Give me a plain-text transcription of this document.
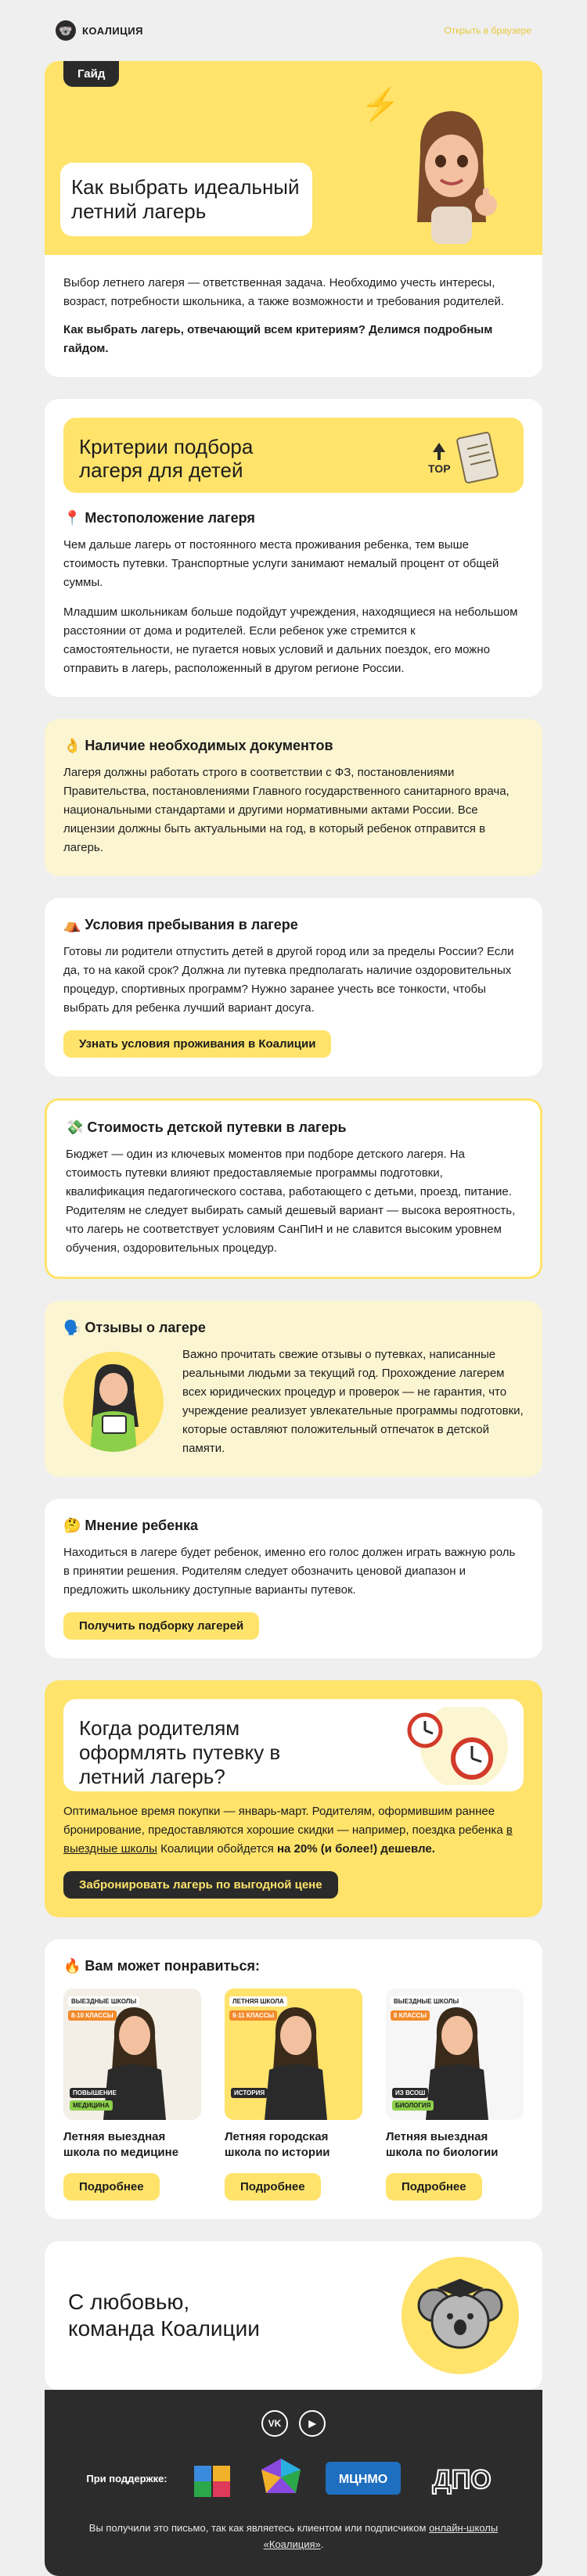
🐨 КОАЛИЦИЯ	Открыть в браузере
Гайд
⚡
Как выбрать идеальный летний лагерь

Выбор летнего лагеря — ответственная задача. Необходимо учесть интересы, возраст, потребности школьника, а также возможности и требования родителей.

Как выбрать лагерь, отвечающий всем критериям? Делимся подробным гайдом.

Критерии подбора лагеря для детей	TOP
📍 Местоположение лагеря

Чем дальше лагерь от постоянного места проживания ребенка, тем выше стоимость путевки. Транспортные услуги занимают немалый процент от общей суммы.

Младшим школьникам больше подойдут учреждения, находящиеся на небольшом расстоянии от дома и родителей. Если ребенок уже стремится к самостоятельности, не пугается новых условий и дальних поездок, его можно отправить в лагерь, расположенный в другом регионе России.

👌 Наличие необходимых документов

Лагеря должны работать строго в соответствии с ФЗ, постановлениями Правительства, постановлениями Главного государственного санитарного врача, национальными стандартами и другими нормативными актами России. Все лицензии должны быть актуальными на год, в который ребенок отправится в лагерь.

⛺ Условия пребывания в лагере

Готовы ли родители отпустить детей в другой город или за пределы России? Если да, то на какой срок? Должна ли путевка предполагать наличие оздоровительных процедур, спортивных программ? Нужно заранее учесть все тонкости, чтобы выбрать для ребенка лучший вариант досуга.

Узнать условия проживания в Коалиции
💸 Стоимость детской путевки в лагерь

Бюджет — один из ключевых моментов при подборе детского лагеря. На стоимость путевки влияют предоставляемые программы подготовки, квалификация педагогического состава, работающего с детьми, проезд, питание. Родителям не следует выбирать самый дешевый вариант — высока вероятность, что лагерь не соответствует условиям СанПиН и не славится высоким уровнем обучения, оздоровительных процедур.

🗣️ Отзывы о лагере

Важно прочитать свежие отзывы о путевках, написанные реальными людьми за текущий год. Прохождение лагерем всех юридических процедур и проверок — не гарантия, что учреждение реализует увлекательные программы подготовки, которые оставляют положительный отпечаток в детской памяти.

🤔 Мнение ребенка

Находиться в лагере будет ребенок, именно его голос должен играть важную роль в принятии решения. Родителям следует обозначить ценовой диапазон и предложить школьнику доступные варианты путевок.

Получить подборку лагерей
Когда родителям оформлять путевку в летний лагерь?

Оптимальное время покупки — январь-март. Родителям, оформившим раннее бронирование, предоставляются хорошие скидки — например, поездка ребенка в выездные школы Коалиции обойдется на 20% (и более!) дешевле.

Забронировать лагерь по выгодной цене
🔥 Вам может понравиться:
ВЫЕЗДНЫЕ ШКОЛЫ
8-10 КЛАССЫ
ПОВЫШЕНИЕ
МЕДИЦИНА
Летняя выездная школа по медицине
Подробнее
ЛЕТНЯЯ ШКОЛА
9-11 КЛАССЫ
ИСТОРИЯ
Летняя городская школа по истории
Подробнее
ВЫЕЗДНЫЕ ШКОЛЫ
8 КЛАССЫ
ИЗ ВСОШ
БИОЛОГИЯ
Летняя выездная школа по биологии
Подробнее
С любовью,
команда Коалиции
VK	▶
При поддержке:	МЦНМО ДПО

Вы получили это письмо, так как являетесь клиентом или подписчиком онлайн-школы «Коалиция».
